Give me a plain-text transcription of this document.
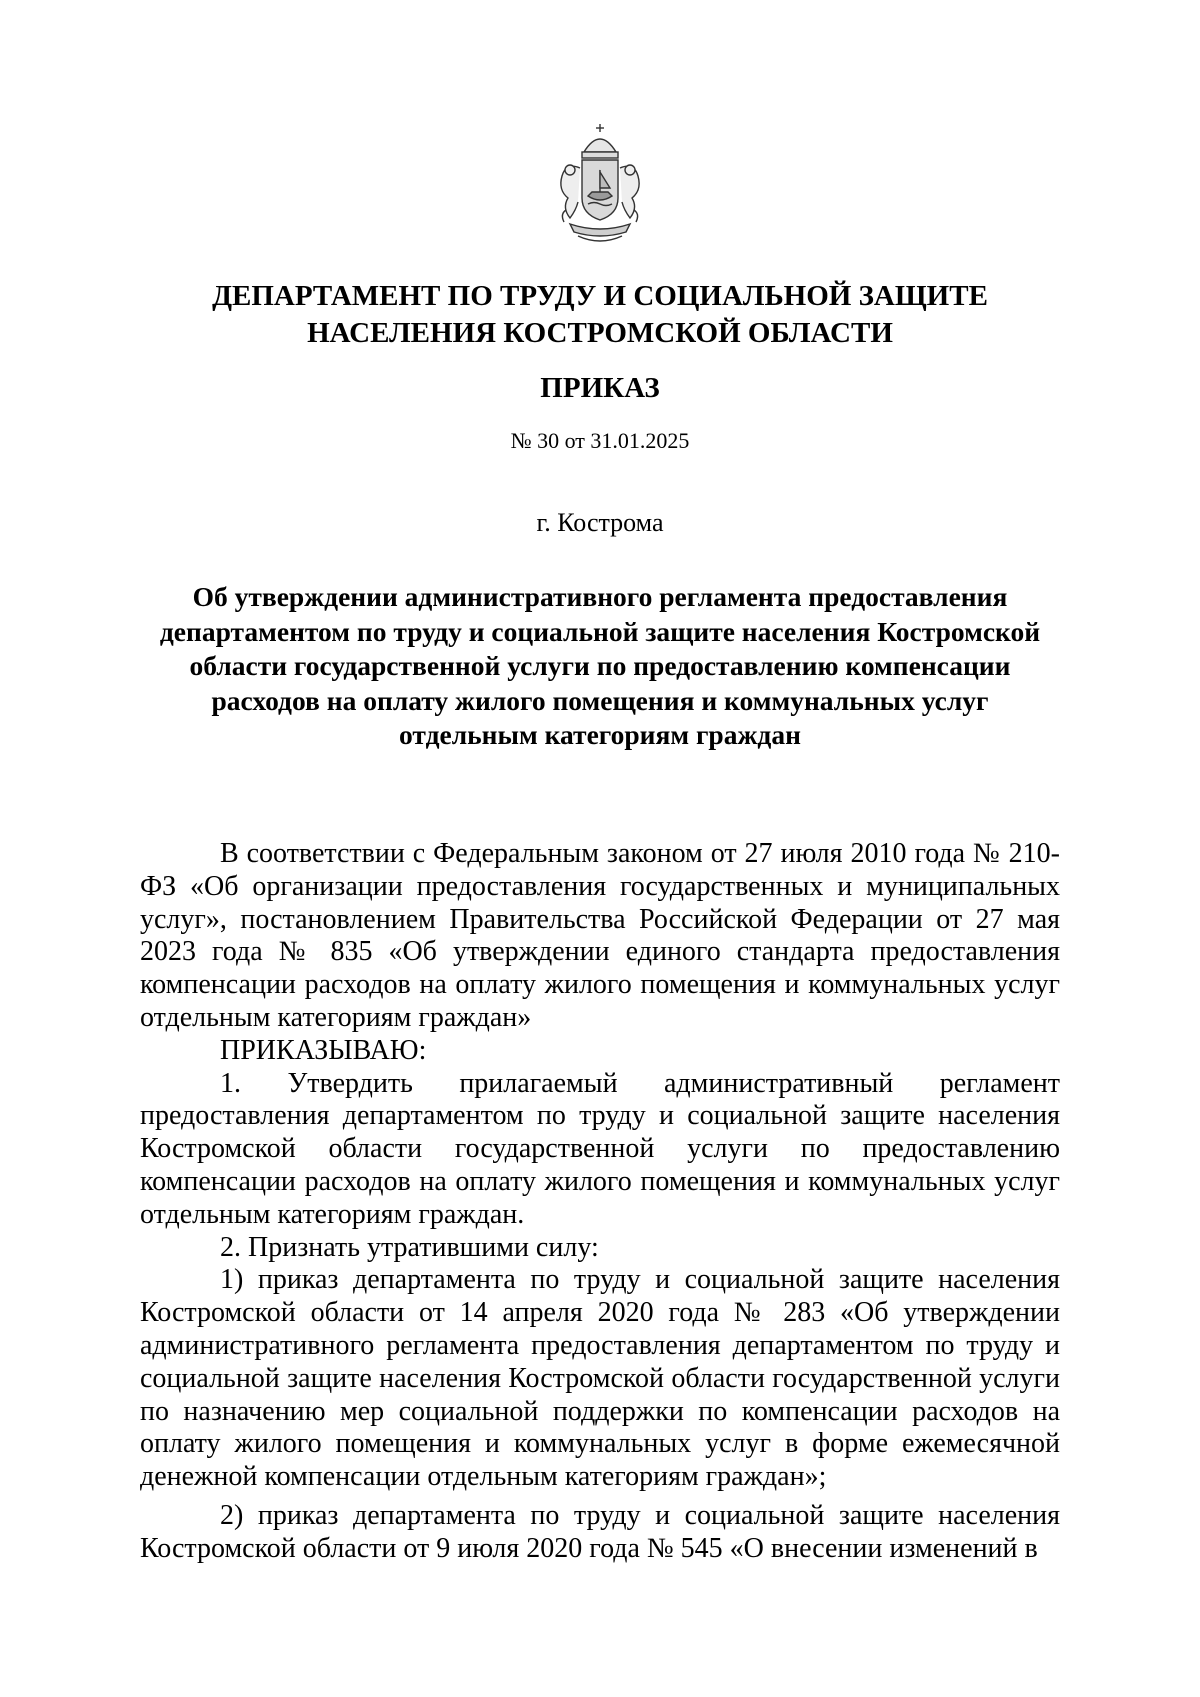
ДЕПАРТАМЕНТ ПО ТРУДУ И СОЦИАЛЬНОЙ ЗАЩИТЕ
НАСЕЛЕНИЯ КОСТРОМСКОЙ ОБЛАСТИ
ПРИКАЗ
№ 30 от 31.01.2025
г. Кострома
Об утверждении административного регламента предоставления
департаментом по труду и социальной защите населения Костромской
области государственной услуги по предоставлению компенсации
расходов на оплату жилого помещения и коммунальных услуг
отдельным категориям граждан

В соответствии с Федеральным законом от 27 июля 2010 года № 210-ФЗ «Об организации предоставления государственных и муниципальных услуг», постановлением Правительства Российской Федерации от 27 мая 2023 года № 835 «Об утверждении единого стандарта предоставления компенсации расходов на оплату жилого помещения и коммунальных услуг отдельным категориям граждан»

ПРИКАЗЫВАЮ:

1. Утвердить прилагаемый административный регламент предоставления департаментом по труду и социальной защите населения Костромской области государственной услуги по предоставлению компенсации расходов на оплату жилого помещения и коммунальных услуг отдельным категориям граждан.

2. Признать утратившими силу:

1) приказ департамента по труду и социальной защите населения Костромской области от 14 апреля 2020 года № 283 «Об утверждении административного регламента предоставления департаментом по труду и социальной защите населения Костромской области государственной услуги по назначению мер социальной поддержки по компенсации расходов на оплату жилого помещения и коммунальных услуг в форме ежемесячной денежной компенсации отдельным категориям граждан»;

2) приказ департамента по труду и социальной защите населения Костромской области от 9 июля 2020 года № 545 «О внесении изменений в
